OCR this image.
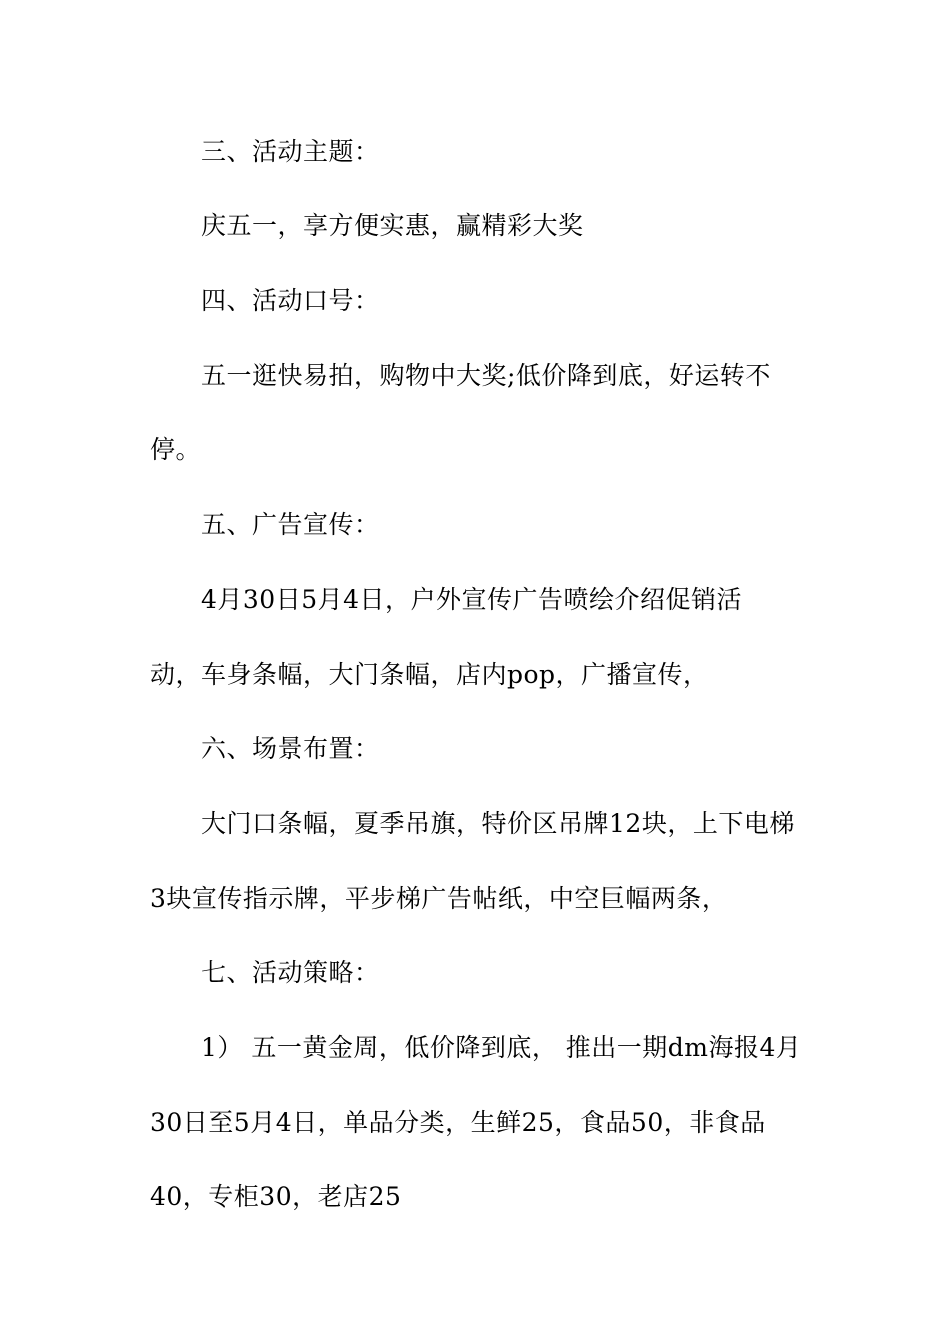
三、活动主题：
庆五一，享方便实惠，赢精彩大奖
四、活动口号：
五一逛快易拍，购物中大奖;低价降到底，好运转不
停。
五、广告宣传：
4月30日5月4日，户外宣传广告喷绘介绍促销活
动，车身条幅，大门条幅，店内pop，广播宣传，
六、场景布置：
大门口条幅，夏季吊旗，特价区吊牌12块，上下电梯
3块宣传指示牌，平步梯广告帖纸，中空巨幅两条，
七、活动策略：
1） 五一黄金周，低价降到底， 推出一期dm海报4月
30日至5月4日，单品分类，生鲜25，食品50，非食品
40，专柜30，老店25
